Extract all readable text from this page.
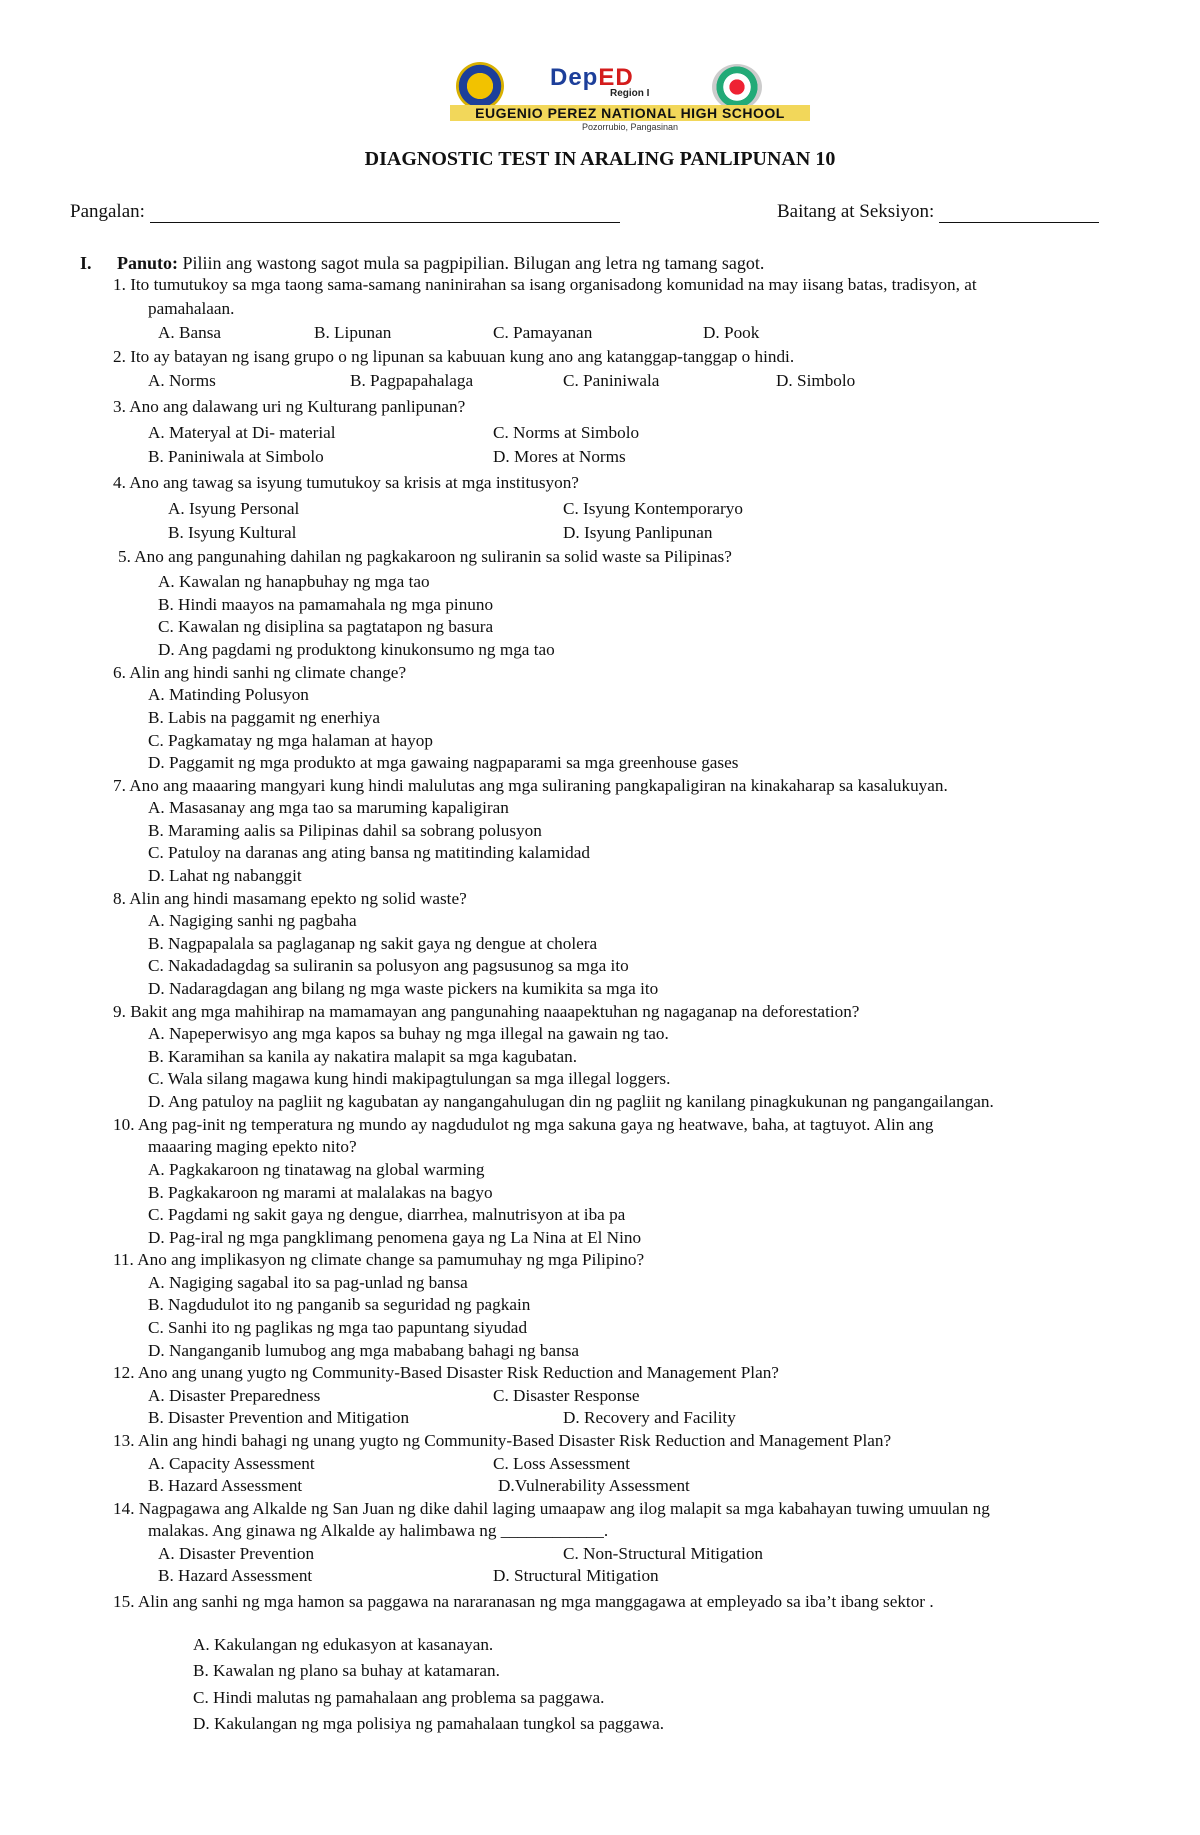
DepED
Region I
EUGENIO PEREZ NATIONAL HIGH SCHOOL
Pozorrubio, Pangasinan
DIAGNOSTIC TEST IN ARALING PANLIPUNAN 10
Pangalan:	Baitang at Seksiyon:
I. Panuto: Piliin ang wastong sagot mula sa pagpipilian. Bilugan ang letra ng tamang sagot.
1. Ito tumutukoy sa mga taong sama-samang naninirahan sa isang organisadong komunidad na may iisang batas, tradisyon, at
pamahalaan.
A. Bansa	B. Lipunan	C. Pamayanan	D. Pook
2. Ito ay batayan ng isang grupo o ng lipunan sa kabuuan kung ano ang katanggap-tanggap o hindi.
A. Norms	B. Pagpapahalaga	C. Paniniwala	D. Simbolo
3. Ano ang dalawang uri ng Kulturang panlipunan?
A. Materyal at Di- material	C. Norms at Simbolo
B. Paniniwala at Simbolo	D. Mores at Norms
4. Ano ang tawag sa isyung tumutukoy sa krisis at mga institusyon?
A. Isyung Personal	C. Isyung Kontemporaryo
B. Isyung Kultural	D. Isyung Panlipunan
5. Ano ang pangunahing dahilan ng pagkakaroon ng suliranin sa solid waste sa Pilipinas?
A. Kawalan ng hanapbuhay ng mga tao
B. Hindi maayos na pamamahala ng mga pinuno
C. Kawalan ng disiplina sa pagtatapon ng basura
D. Ang pagdami ng produktong kinukonsumo ng mga tao
6. Alin ang hindi sanhi ng climate change?
A. Matinding Polusyon
B. Labis na paggamit ng enerhiya
C. Pagkamatay ng mga halaman at hayop
D. Paggamit ng mga produkto at mga gawaing nagpaparami sa mga greenhouse gases
7. Ano ang maaaring mangyari kung hindi malulutas ang mga suliraning pangkapaligiran na kinakaharap sa kasalukuyan.
A. Masasanay ang mga tao sa maruming kapaligiran
B. Maraming aalis sa Pilipinas dahil sa sobrang polusyon
C. Patuloy na daranas ang ating bansa ng matitinding kalamidad
D. Lahat ng nabanggit
8. Alin ang hindi masamang epekto ng solid waste?
A. Nagiging sanhi ng pagbaha
B. Nagpapalala sa paglaganap ng sakit gaya ng dengue at cholera
C. Nakadadagdag sa suliranin sa polusyon ang pagsusunog sa mga ito
D. Nadaragdagan ang bilang ng mga waste pickers na kumikita sa mga ito
9. Bakit ang mga mahihirap na mamamayan ang pangunahing naaapektuhan ng nagaganap na deforestation?
A. Napeperwisyo ang mga kapos sa buhay ng mga illegal na gawain ng tao.
B. Karamihan sa kanila ay nakatira malapit sa mga kagubatan.
C. Wala silang magawa kung hindi makipagtulungan sa mga illegal loggers.
D. Ang patuloy na pagliit ng kagubatan ay nangangahulugan din ng pagliit ng kanilang pinagkukunan ng pangangailangan.
10. Ang pag-init ng temperatura ng mundo ay nagdudulot ng mga sakuna gaya ng heatwave, baha, at tagtuyot. Alin ang
maaaring maging epekto nito?
A. Pagkakaroon ng tinatawag na global warming
B. Pagkakaroon ng marami at malalakas na bagyo
C. Pagdami ng sakit gaya ng dengue, diarrhea, malnutrisyon at iba pa
D. Pag-iral ng mga pangklimang penomena gaya ng La Nina at El Nino
11. Ano ang implikasyon ng climate change sa pamumuhay ng mga Pilipino?
A. Nagiging sagabal ito sa pag-unlad ng bansa
B. Nagdudulot ito ng panganib sa seguridad ng pagkain
C. Sanhi ito ng paglikas ng mga tao papuntang siyudad
D. Nanganganib lumubog ang mga mababang bahagi ng bansa
12. Ano ang unang yugto ng Community-Based Disaster Risk Reduction and Management Plan?
A. Disaster Preparedness	C. Disaster Response
B. Disaster Prevention and Mitigation	D. Recovery and Facility
13. Alin ang hindi bahagi ng unang yugto ng Community-Based Disaster Risk Reduction and Management Plan?
A. Capacity Assessment	C. Loss Assessment
B. Hazard Assessment	D.Vulnerability Assessment
14. Nagpagawa ang Alkalde ng San Juan ng dike dahil laging umaapaw ang ilog malapit sa mga kabahayan tuwing umuulan ng
malakas. Ang ginawa ng Alkalde ay halimbawa ng ____________.
A. Disaster Prevention	C. Non-Structural Mitigation
B. Hazard Assessment	D. Structural Mitigation
15. Alin ang sanhi ng mga hamon sa paggawa na nararanasan ng mga manggagawa at empleyado sa iba’t ibang sektor .
A. Kakulangan ng edukasyon at kasanayan.
B. Kawalan ng plano sa buhay at katamaran.
C. Hindi malutas ng pamahalaan ang problema sa paggawa.
D. Kakulangan ng mga polisiya ng pamahalaan tungkol sa paggawa.
